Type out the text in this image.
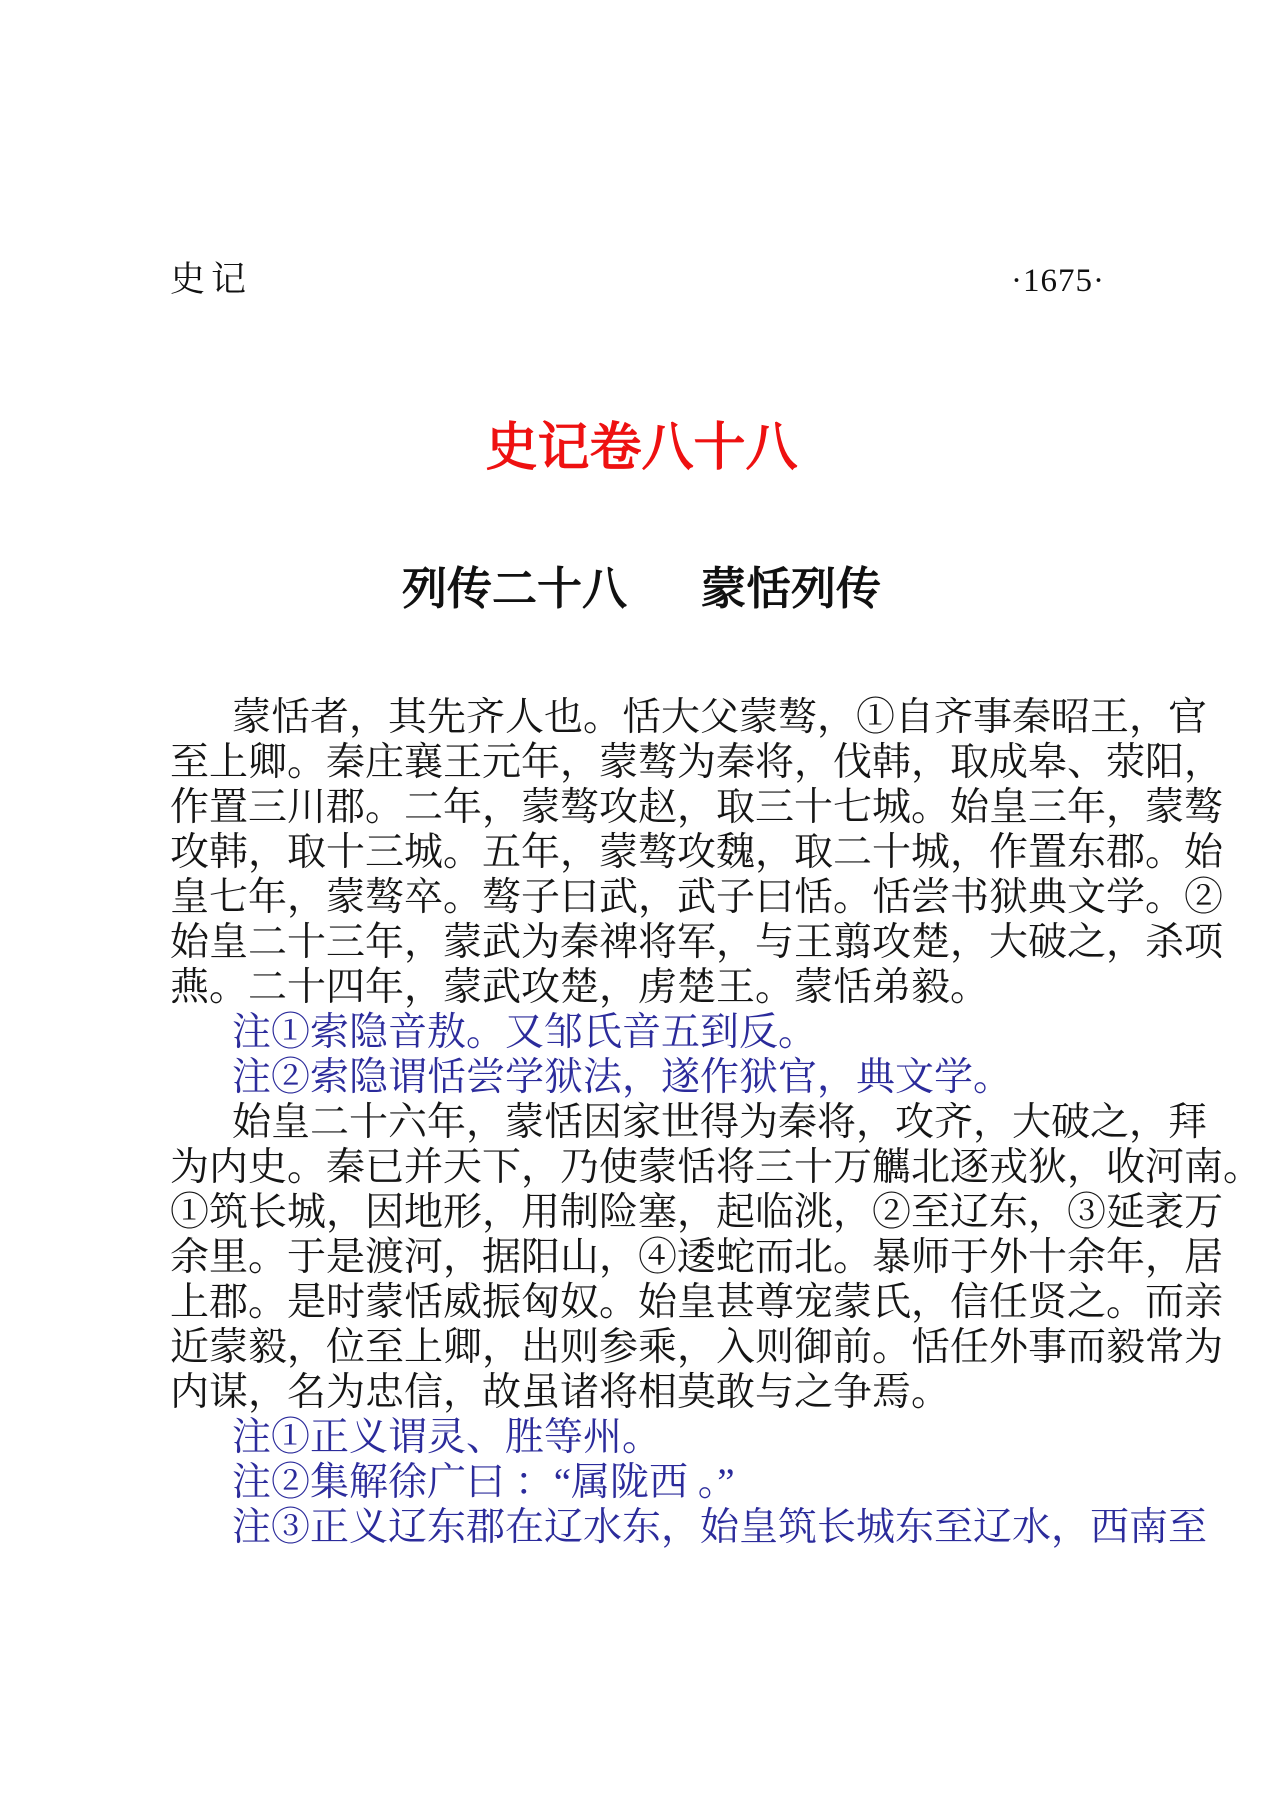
史记	·1675·
史记卷八十八
列传二十八 蒙恬列传
蒙恬者，其先齐人也。恬大父蒙骜，①自齐事秦昭王，官
至上卿。秦庄襄王元年，蒙骜为秦将，伐韩，取成皋、荥阳，
作置三川郡。二年，蒙骜攻赵，取三十七城。始皇三年，蒙骜
攻韩，取十三城。五年，蒙骜攻魏，取二十城，作置东郡。始
皇七年，蒙骜卒。骜子曰武，武子曰恬。恬尝书狱典文学。②
始皇二十三年，蒙武为秦禆将军，与王翦攻楚，大破之，杀项
燕。二十四年，蒙武攻楚，虏楚王。蒙恬弟毅。
注①索隐音敖。又邹氏音五到反。
注②索隐谓恬尝学狱法，遂作狱官，典文学。
始皇二十六年，蒙恬因家世得为秦将，攻齐，大破之，拜
为内史。秦已并天下，乃使蒙恬将三十万觽北逐戎狄，收河南。
①筑长城，因地形，用制险塞，起临洮，②至辽东，③延袤万
余里。于是渡河，据阳山，④逶蛇而北。暴师于外十余年，居
上郡。是时蒙恬威振匈奴。始皇甚尊宠蒙氏，信任贤之。而亲
近蒙毅，位至上卿，出则参乘，入则御前。恬任外事而毅常为
内谋，名为忠信，故虽诸将相莫敢与之争焉。
注①正义谓灵、胜等州。
注②集解徐广曰 ：“属陇西 。”
注③正义辽东郡在辽水东，始皇筑长城东至辽水，西南至
